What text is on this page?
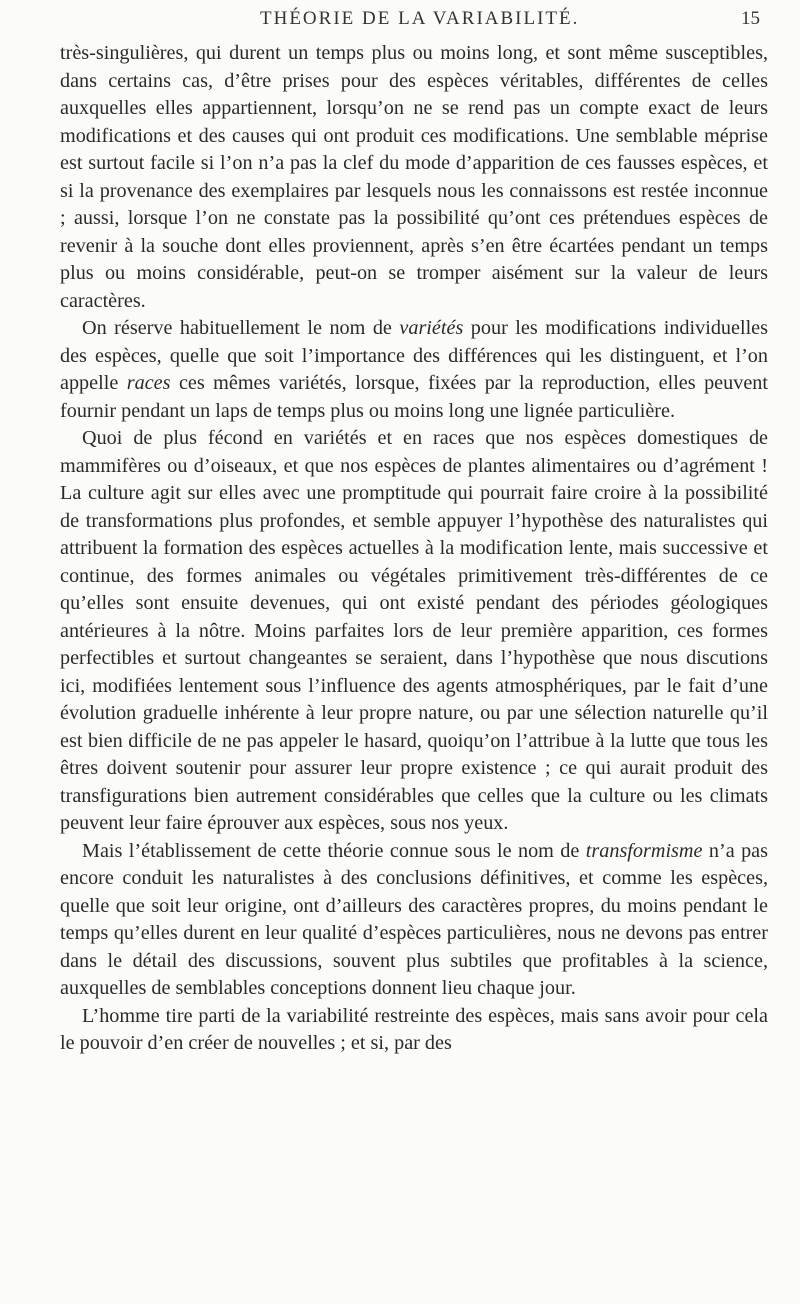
THÉORIE DE LA VARIABILITÉ.	15

très-singulières, qui durent un temps plus ou moins long, et sont même susceptibles, dans certains cas, d’être prises pour des espèces véritables, différentes de celles auxquelles elles appartiennent, lorsqu’on ne se rend pas un compte exact de leurs modifications et des causes qui ont produit ces modifications. Une semblable méprise est surtout facile si l’on n’a pas la clef du mode d’apparition de ces fausses espèces, et si la provenance des exemplaires par lesquels nous les connaissons est restée inconnue ; aussi, lorsque l’on ne constate pas la possibilité qu’ont ces prétendues espèces de revenir à la souche dont elles proviennent, après s’en être écartées pendant un temps plus ou moins considérable, peut-on se tromper aisément sur la valeur de leurs caractères.

On réserve habituellement le nom de variétés pour les modifications individuelles des espèces, quelle que soit l’importance des différences qui les distinguent, et l’on appelle races ces mêmes variétés, lorsque, fixées par la reproduction, elles peuvent fournir pendant un laps de temps plus ou moins long une lignée particulière.

Quoi de plus fécond en variétés et en races que nos espèces domestiques de mammifères ou d’oiseaux, et que nos espèces de plantes alimentaires ou d’agrément ! La culture agit sur elles avec une promptitude qui pourrait faire croire à la possibilité de transformations plus profondes, et semble appuyer l’hypothèse des naturalistes qui attribuent la formation des espèces actuelles à la modification lente, mais successive et continue, des formes animales ou végétales primitivement très-différentes de ce qu’elles sont ensuite devenues, qui ont existé pendant des périodes géologiques antérieures à la nôtre. Moins parfaites lors de leur première apparition, ces formes perfectibles et surtout changeantes se seraient, dans l’hypothèse que nous discutions ici, modifiées lentement sous l’influence des agents atmosphériques, par le fait d’une évolution graduelle inhérente à leur propre nature, ou par une sélection naturelle qu’il est bien difficile de ne pas appeler le hasard, quoiqu’on l’attribue à la lutte que tous les êtres doivent soutenir pour assurer leur propre existence ; ce qui aurait produit des transfigurations bien autrement considérables que celles que la culture ou les climats peuvent leur faire éprouver aux espèces, sous nos yeux.

Mais l’établissement de cette théorie connue sous le nom de transformisme n’a pas encore conduit les naturalistes à des conclusions définitives, et comme les espèces, quelle que soit leur origine, ont d’ailleurs des caractères propres, du moins pendant le temps qu’elles durent en leur qualité d’espèces particulières, nous ne devons pas entrer dans le détail des discussions, souvent plus subtiles que profitables à la science, auxquelles de semblables conceptions donnent lieu chaque jour.

L’homme tire parti de la variabilité restreinte des espèces, mais sans avoir pour cela le pouvoir d’en créer de nouvelles ; et si, par des
